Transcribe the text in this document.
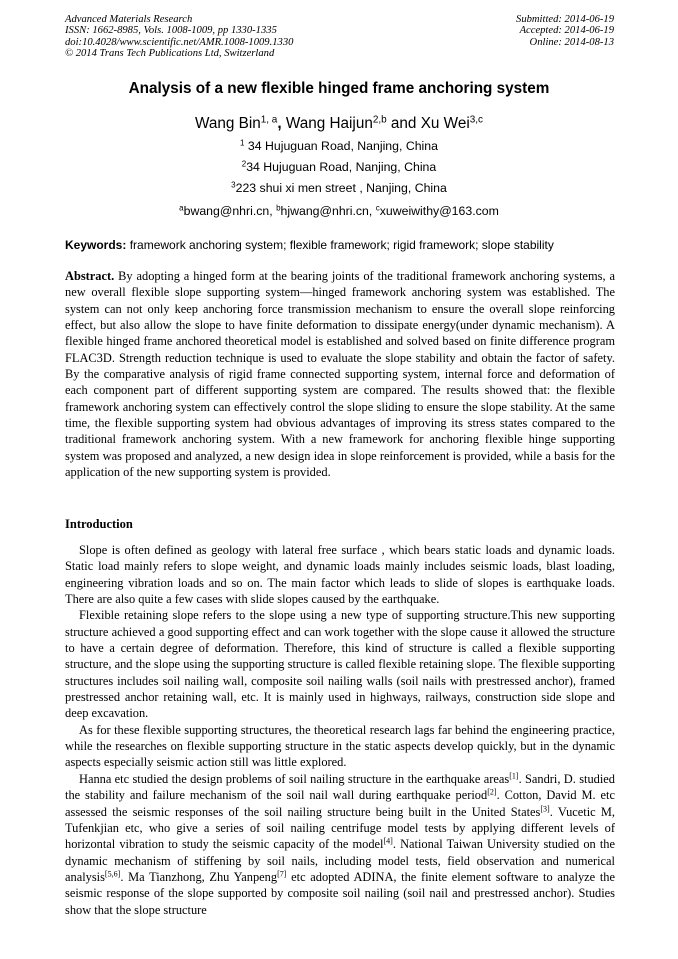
Advanced Materials Research
ISSN: 1662-8985, Vols. 1008-1009, pp 1330-1335
doi:10.4028/www.scientific.net/AMR.1008-1009.1330
© 2014 Trans Tech Publications Ltd, Switzerland
Submitted: 2014-06-19
Accepted: 2014-06-19
Online: 2014-08-13
Analysis of a new flexible hinged frame anchoring system
Wang Bin$^{1, a}$, Wang Haijun$^{2,b}$ and Xu Wei$^{3,c}$
$^1$ 34 Hujuguan Road, Nanjing, China
$^2$34 Hujuguan Road, Nanjing, China
$^3$223 shui xi men street , Nanjing, China
$^a$bwang@nhri.cn, $^b$hjwang@nhri.cn, $^c$xuweiwithy@163.com
Keywords: framework anchoring system; flexible framework; rigid framework; slope stability

Abstract. By adopting a hinged form at the bearing joints of the traditional framework anchoring systems, a new overall flexible slope supporting system—hinged framework anchoring system was established. The system can not only keep anchoring force transmission mechanism to ensure the overall slope reinforcing effect, but also allow the slope to have finite deformation to dissipate energy(under dynamic mechanism). A flexible hinged frame anchored theoretical model is established and solved based on finite difference program FLAC3D. Strength reduction technique is used to evaluate the slope stability and obtain the factor of safety. By the comparative analysis of rigid frame connected supporting system, internal force and deformation of each component part of different supporting system are compared. The results showed that: the flexible framework anchoring system can effectively control the slope sliding to ensure the slope stability. At the same time, the flexible supporting system had obvious advantages of improving its stress states compared to the traditional framework anchoring system. With a new framework for anchoring flexible hinge supporting system was proposed and analyzed, a new design idea in slope reinforcement is provided, while a basis for the application of the new supporting system is provided.

Introduction

Slope is often defined as geology with lateral free surface , which bears static loads and dynamic loads. Static load mainly refers to slope weight, and dynamic loads mainly includes seismic loads, blast loading, engineering vibration loads and so on. The main factor which leads to slide of slopes is earthquake loads. There are also quite a few cases with slide slopes caused by the earthquake.

Flexible retaining slope refers to the slope using a new type of supporting structure.This new supporting structure achieved a good supporting effect and can work together with the slope cause it allowed the structure to have a certain degree of deformation. Therefore, this kind of structure is called a flexible supporting structure, and the slope using the supporting structure is called flexible retaining slope. The flexible supporting structures includes soil nailing wall, composite soil nailing walls (soil nails with prestressed anchor), framed prestressed anchor retaining wall, etc. It is mainly used in highways, railways, construction side slope and deep excavation.

As for these flexible supporting structures, the theoretical research lags far behind the engineering practice, while the researches on flexible supporting structure in the static aspects develop quickly, but in the dynamic aspects especially seismic action still was little explored.

Hanna etc studied the design problems of soil nailing structure in the earthquake areas[1]. Sandri, D. studied the stability and failure mechanism of the soil nail wall during earthquake period[2]. Cotton, David M. etc assessed the seismic responses of the soil nailing structure being built in the United States[3]. Vucetic M, Tufenkjian etc, who give a series of soil nailing centrifuge model tests by applying different levels of horizontal vibration to study the seismic capacity of the model[4]. National Taiwan University studied on the dynamic mechanism of stiffening by soil nails, including model tests, field observation and numerical analysis[5,6]. Ma Tianzhong, Zhu Yanpeng[7] etc adopted ADINA, the finite element software to analyze the seismic response of the slope supported by composite soil nailing (soil nail and prestressed anchor). Studies show that the slope structure
